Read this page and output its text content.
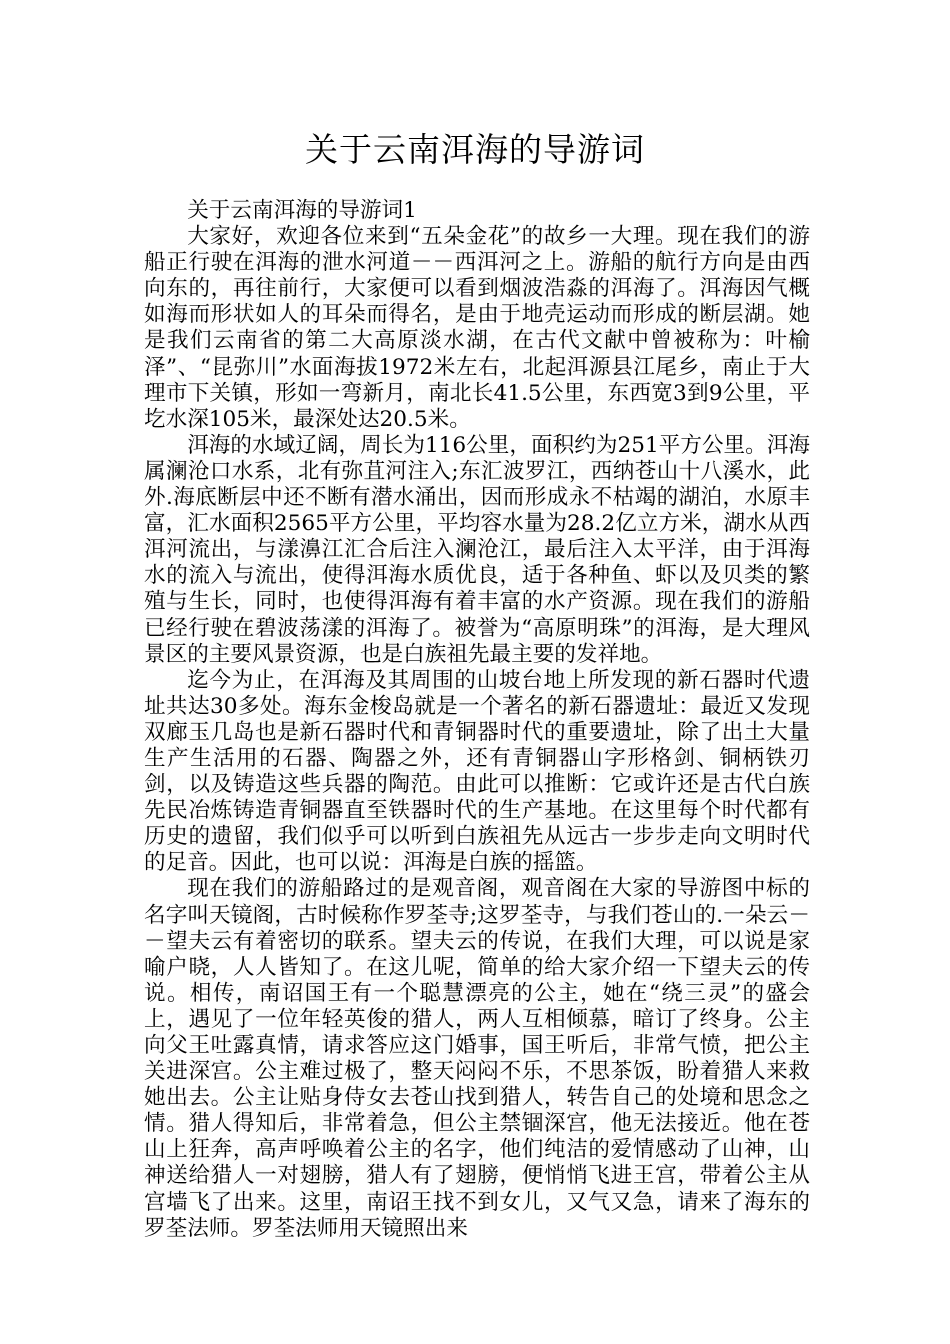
关于云南洱海的导游词

关于云南洱海的导游词1

大家好，欢迎各位来到“五朵金花”的故乡一大理。现在我们的游船正行驶在洱海的泄水河道－－西洱河之上。游船的航行方向是由西向东的，再往前行，大家便可以看到烟波浩淼的洱海了。洱海因气概如海而形状如人的耳朵而得名，是由于地壳运动而形成的断层湖。她是我们云南省的第二大高原淡水湖，在古代文献中曾被称为：叶榆泽”、“昆弥川”水面海拔1972米左右，北起洱源县江尾乡，南止于大理市下关镇，形如一弯新月，南北长41.5公里，东西宽3到9公里，平圪水深105米，最深处达20.5米。

洱海的水域辽阔，周长为116公里，面积约为251平方公里。洱海属澜沧口水系，北有弥苴河注入;东汇波罗江，西纳苍山十八溪水，此外.海底断层中还不断有潜水涌出，因而形成永不枯竭的湖泊，水原丰富，汇水面积2565平方公里，平均容水量为28.2亿立方米，湖水从西洱河流出，与漾濞江汇合后注入澜沧江，最后注入太平洋，由于洱海水的流入与流出，使得洱海水质优良，适于各种鱼、虾以及贝类的繁殖与生长，同时，也使得洱海有着丰富的水产资源。现在我们的游船已经行驶在碧波荡漾的洱海了。被誉为“高原明珠”的洱海，是大理风景区的主要风景资源，也是白族祖先最主要的发祥地。

迄今为止，在洱海及其周围的山坡台地上所发现的新石器时代遗址共达30多处。海东金梭岛就是一个著名的新石器遗址：最近又发现双廊玉几岛也是新石器时代和青铜器时代的重要遗址，除了出土大量生产生活用的石器、陶器之外，还有青铜器山字形格剑、铜柄铁刃剑，以及铸造这些兵器的陶范。由此可以推断：它或许还是古代白族先民冶炼铸造青铜器直至铁器时代的生产基地。在这里每个时代都有历史的遗留，我们似乎可以听到白族祖先从远古一步步走向文明时代的足音。因此，也可以说：洱海是白族的摇篮。

现在我们的游船路过的是观音阁，观音阁在大家的导游图中标的名字叫天镜阁，古时候称作罗荃寺;这罗荃寺，与我们苍山的.一朵云－－望夫云有着密切的联系。望夫云的传说，在我们大理，可以说是家喻户晓，人人皆知了。在这儿呢，简单的给大家介绍一下望夫云的传说。相传，南诏国王有一个聪慧漂亮的公主，她在“绕三灵”的盛会上，遇见了一位年轻英俊的猎人，两人互相倾慕，暗订了终身。公主向父王吐露真情，请求答应这门婚事，国王听后，非常气愤，把公主关进深宫。公主难过极了，整天闷闷不乐，不思茶饭，盼着猎人来救她出去。公主让贴身侍女去苍山找到猎人，转告自己的处境和思念之情。猎人得知后，非常着急，但公主禁锢深宫，他无法接近。他在苍山上狂奔，高声呼唤着公主的名字，他们纯洁的爱情感动了山神，山神送给猎人一对翅膀，猎人有了翅膀，便悄悄飞进王宫，带着公主从宫墙飞了出来。这里，南诏王找不到女儿，又气又急，请来了海东的罗荃法师。罗荃法师用天镜照出来
